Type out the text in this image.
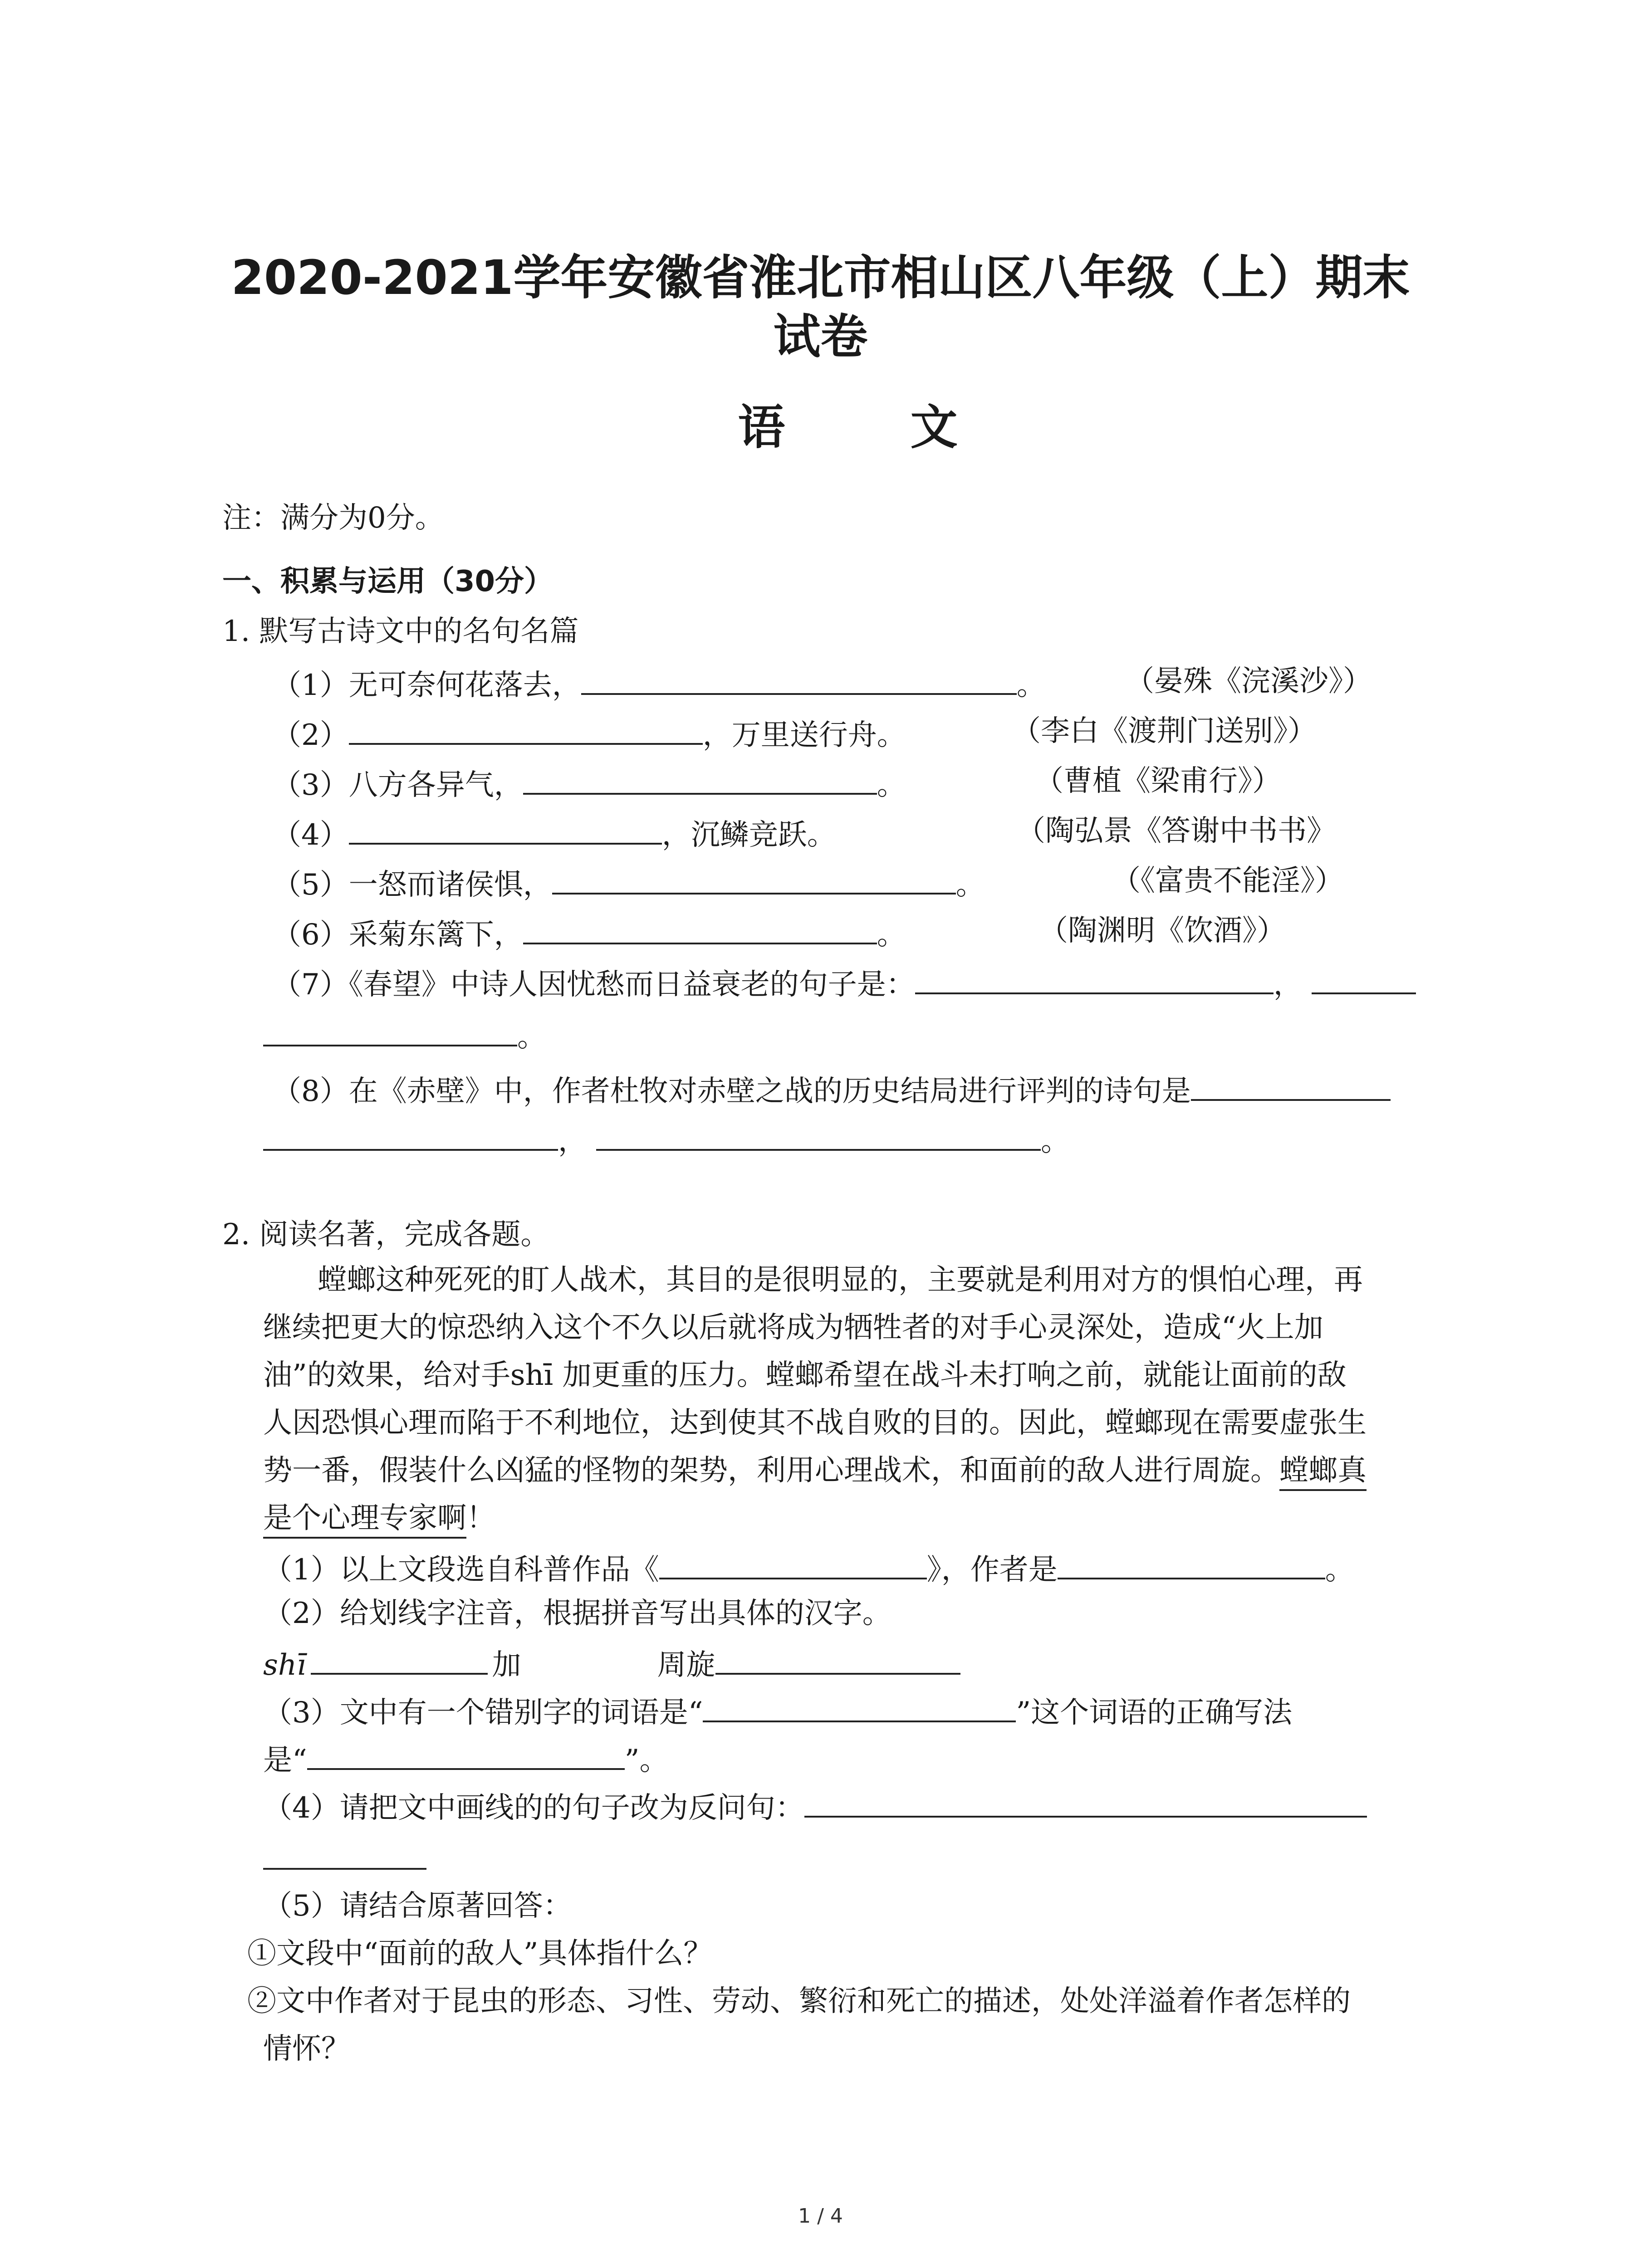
2020-2021学年安徽省淮北市相山区八年级（上）期末
试卷
语 文
注：满分为0分。
一、积累与运用（30分）
1. 默写古诗文中的名句名篇
（1）无可奈何花落去，	。	（晏殊《浣溪沙》）
（2）	，万里送行舟。	（李白《渡荆门送别》）
（3）八方各异气，	。	（曹植《梁甫行》）
（4）	，沉鳞竞跃。	（陶弘景《答谢中书书》
（5）一怒而诸侯惧，	。	（《富贵不能淫》）
（6）采菊东篱下，	。	（陶渊明《饮酒》）
（7）《春望》中诗人因忧愁而日益衰老的句子是：	，
。
（8）在《赤壁》中，作者杜牧对赤壁之战的历史结局进行评判的诗句是
，	。
2. 阅读名著，完成各题。
螳螂这种死死的盯人战术，其目的是很明显的，主要就是利用对方的惧怕心理，再
继续把更大的惊恐纳入这个不久以后就将成为牺牲者的对手心灵深处，造成“火上加
油”的效果，给对手shī 加更重的压力。螳螂希望在战斗未打响之前，就能让面前的敌
人因恐惧心理而陷于不利地位，达到使其不战自败的目的。因此，螳螂现在需要虚张生
势一番，假装什么凶猛的怪物的架势，利用心理战术，和面前的敌人进行周旋。螳螂真
是个心理专家啊！
（1）以上文段选自科普作品《	》，作者是	。
（2）给划线字注音，根据拼音写出具体的汉字。
shī	加	周旋
（3）文中有一个错别字的词语是“	”这个词语的正确写法
是“	”。
（4）请把文中画线的的句子改为反问句：
（5）请结合原著回答：
①文段中“面前的敌人”具体指什么？
②文中作者对于昆虫的形态、习性、劳动、繁衍和死亡的描述，处处洋溢着作者怎样的
情怀？
1 / 4
